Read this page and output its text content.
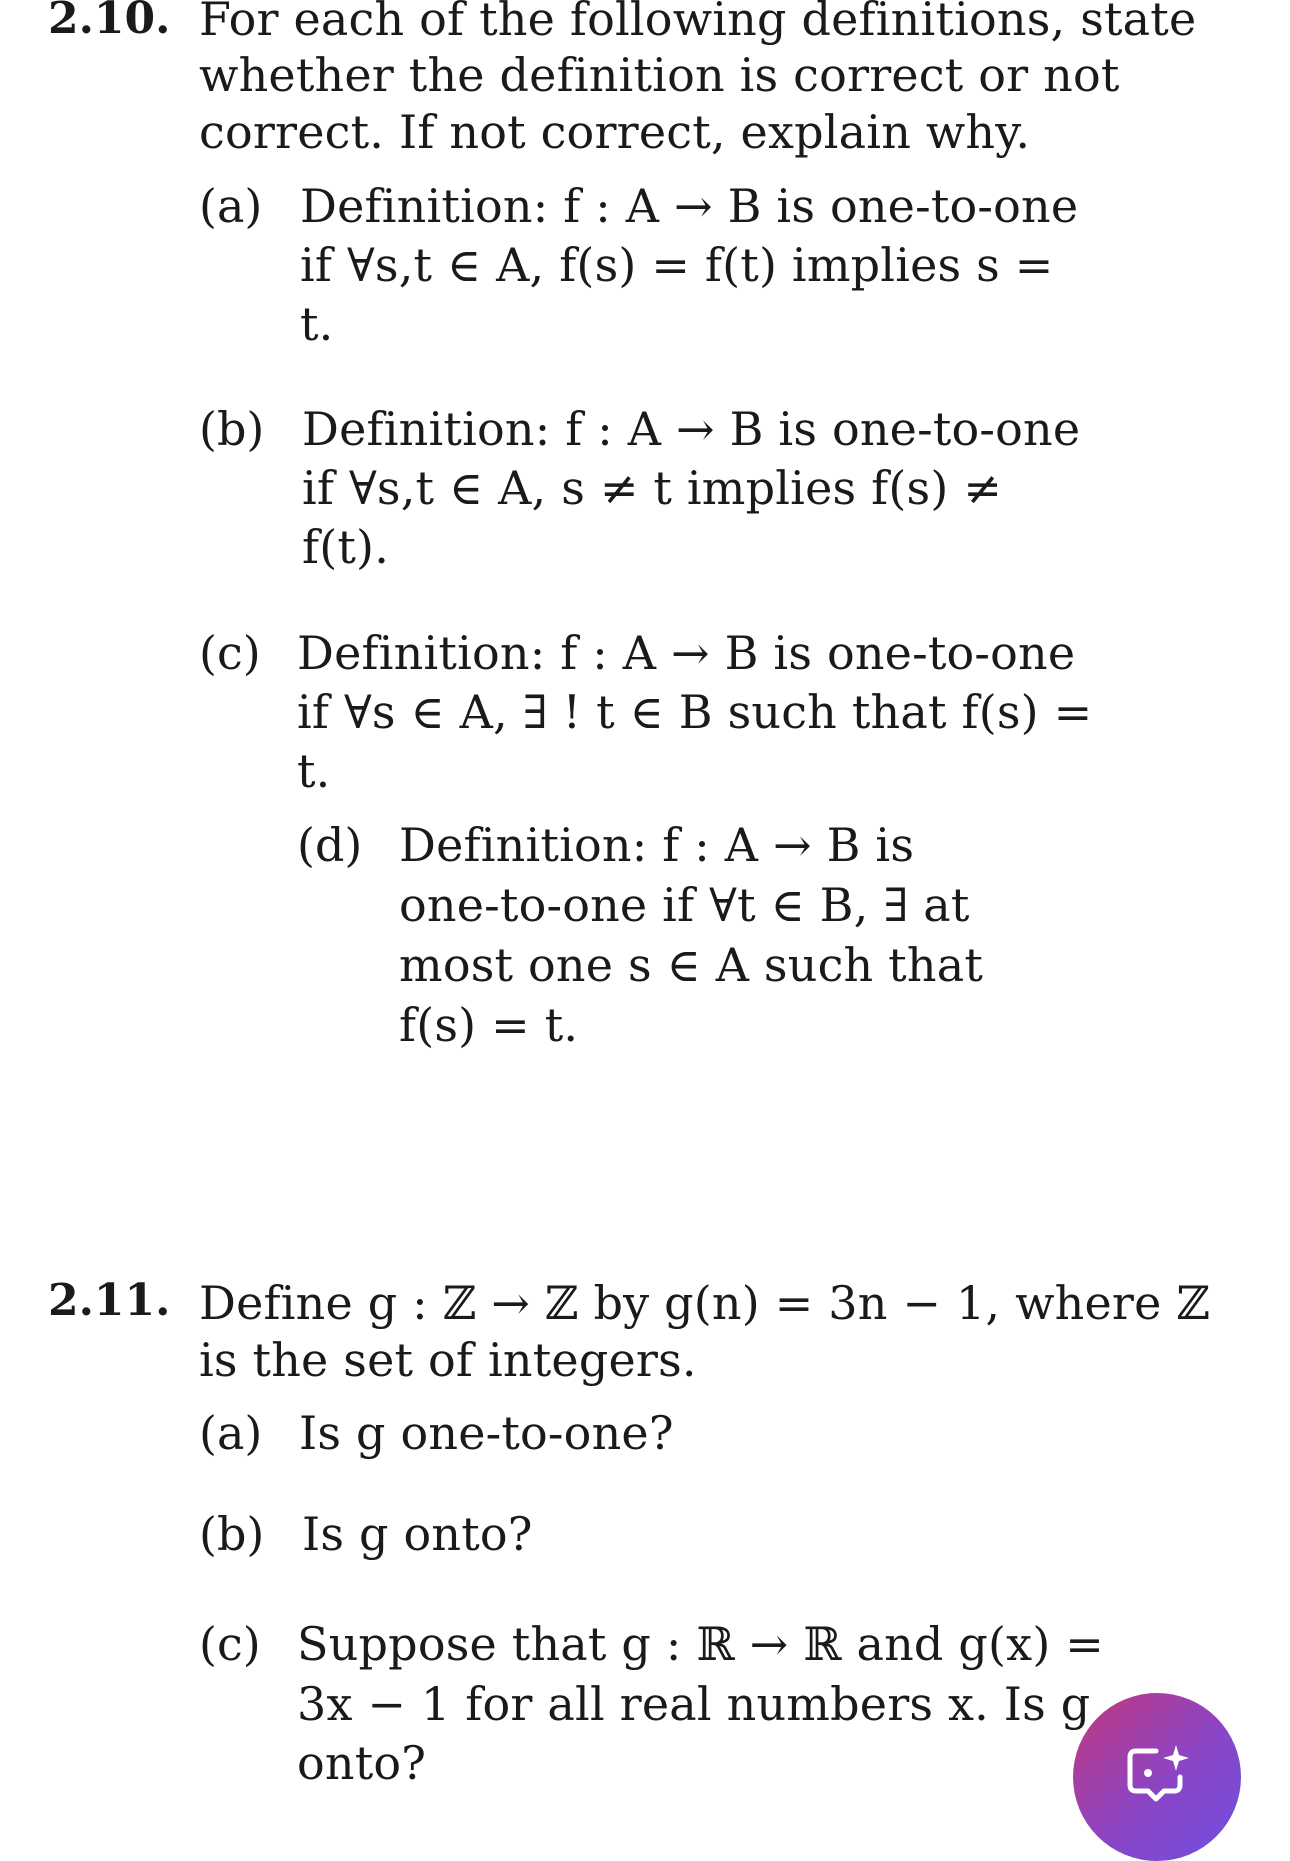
2.10. For each of the following definitions, state
whether the definition is correct or not
correct. If not correct, explain why.
(a) Definition: f : A → B is one-to-one
if ∀s,t ∈ A, f(s) = f(t) implies s =
t.
(b) Definition: f : A → B is one-to-one
if ∀s,t ∈ A, s ≠ t implies f(s) ≠
f(t).
(c) Definition: f : A → B is one-to-one
if ∀s ∈ A, ∃ ! t ∈ B such that f(s) =
t.
(d) Definition: f : A → B is
one-to-one if ∀t ∈ B, ∃ at
most one s ∈ A such that
f(s) = t.
2.11. Define g : ℤ → ℤ by g(n) = 3n − 1, where ℤ
is the set of integers.
(a) Is g one-to-one?
(b) Is g onto?
(c) Suppose that g : ℝ → ℝ and g(x) =
3x − 1 for all real numbers x. Is g
onto?
